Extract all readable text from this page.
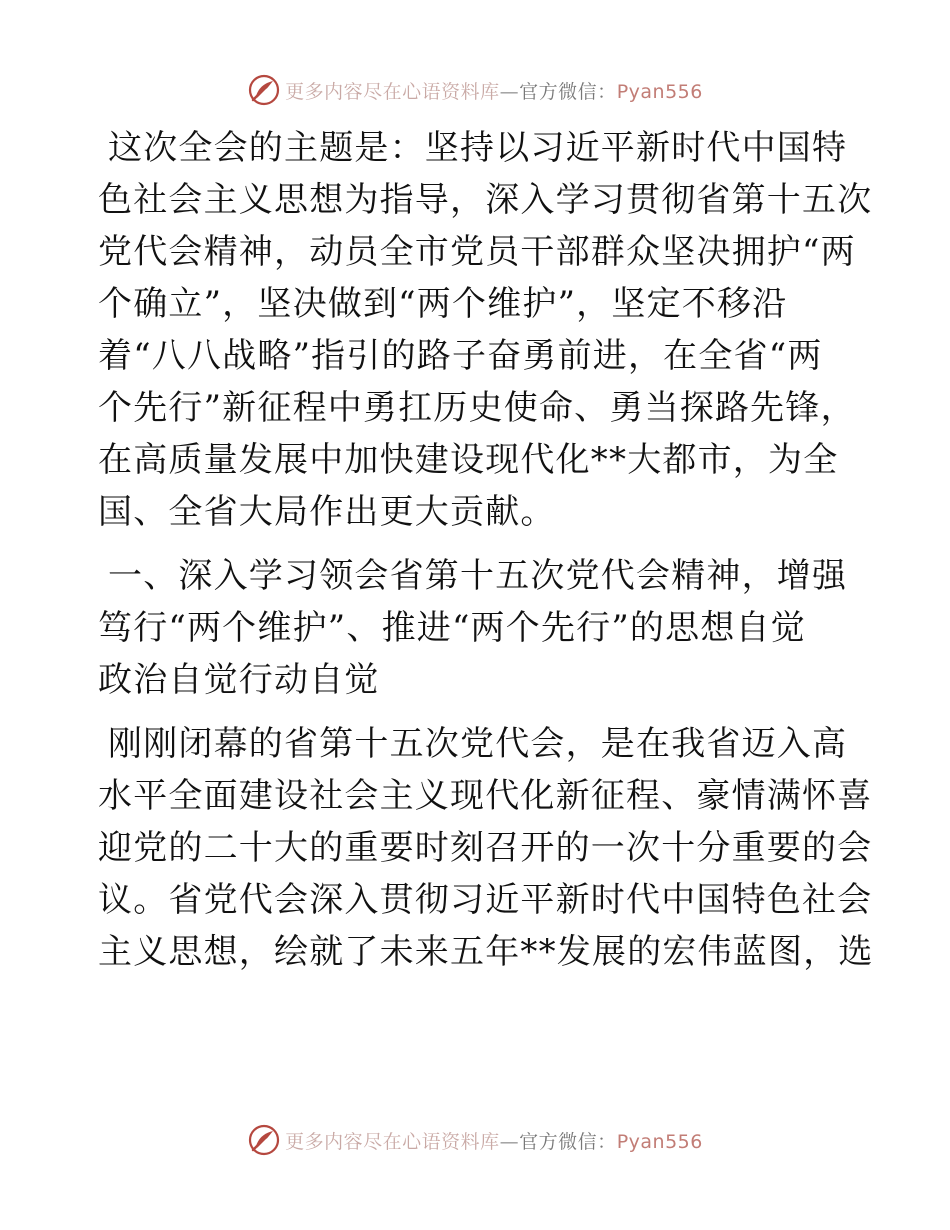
更多内容尽在心语资料库—官方微信：Pyan556
这次全会的主题是：坚持以习近平新时代中国特
色社会主义思想为指导，深入学习贯彻省第十五次
党代会精神，动员全市党员干部群众坚决拥护“两
个确立”，坚决做到“两个维护”，坚定不移沿
着“八八战略”指引的路子奋勇前进，在全省“两
个先行”新征程中勇扛历史使命、勇当探路先锋，
在高质量发展中加快建设现代化**大都市，为全
国、全省大局作出更大贡献。
一、深入学习领会省第十五次党代会精神，增强
笃行“两个维护”、推进“两个先行”的思想自觉
政治自觉行动自觉
刚刚闭幕的省第十五次党代会，是在我省迈入高
水平全面建设社会主义现代化新征程、豪情满怀喜
迎党的二十大的重要时刻召开的一次十分重要的会
议。省党代会深入贯彻习近平新时代中国特色社会
主义思想，绘就了未来五年**发展的宏伟蓝图，选
更多内容尽在心语资料库—官方微信：Pyan556
